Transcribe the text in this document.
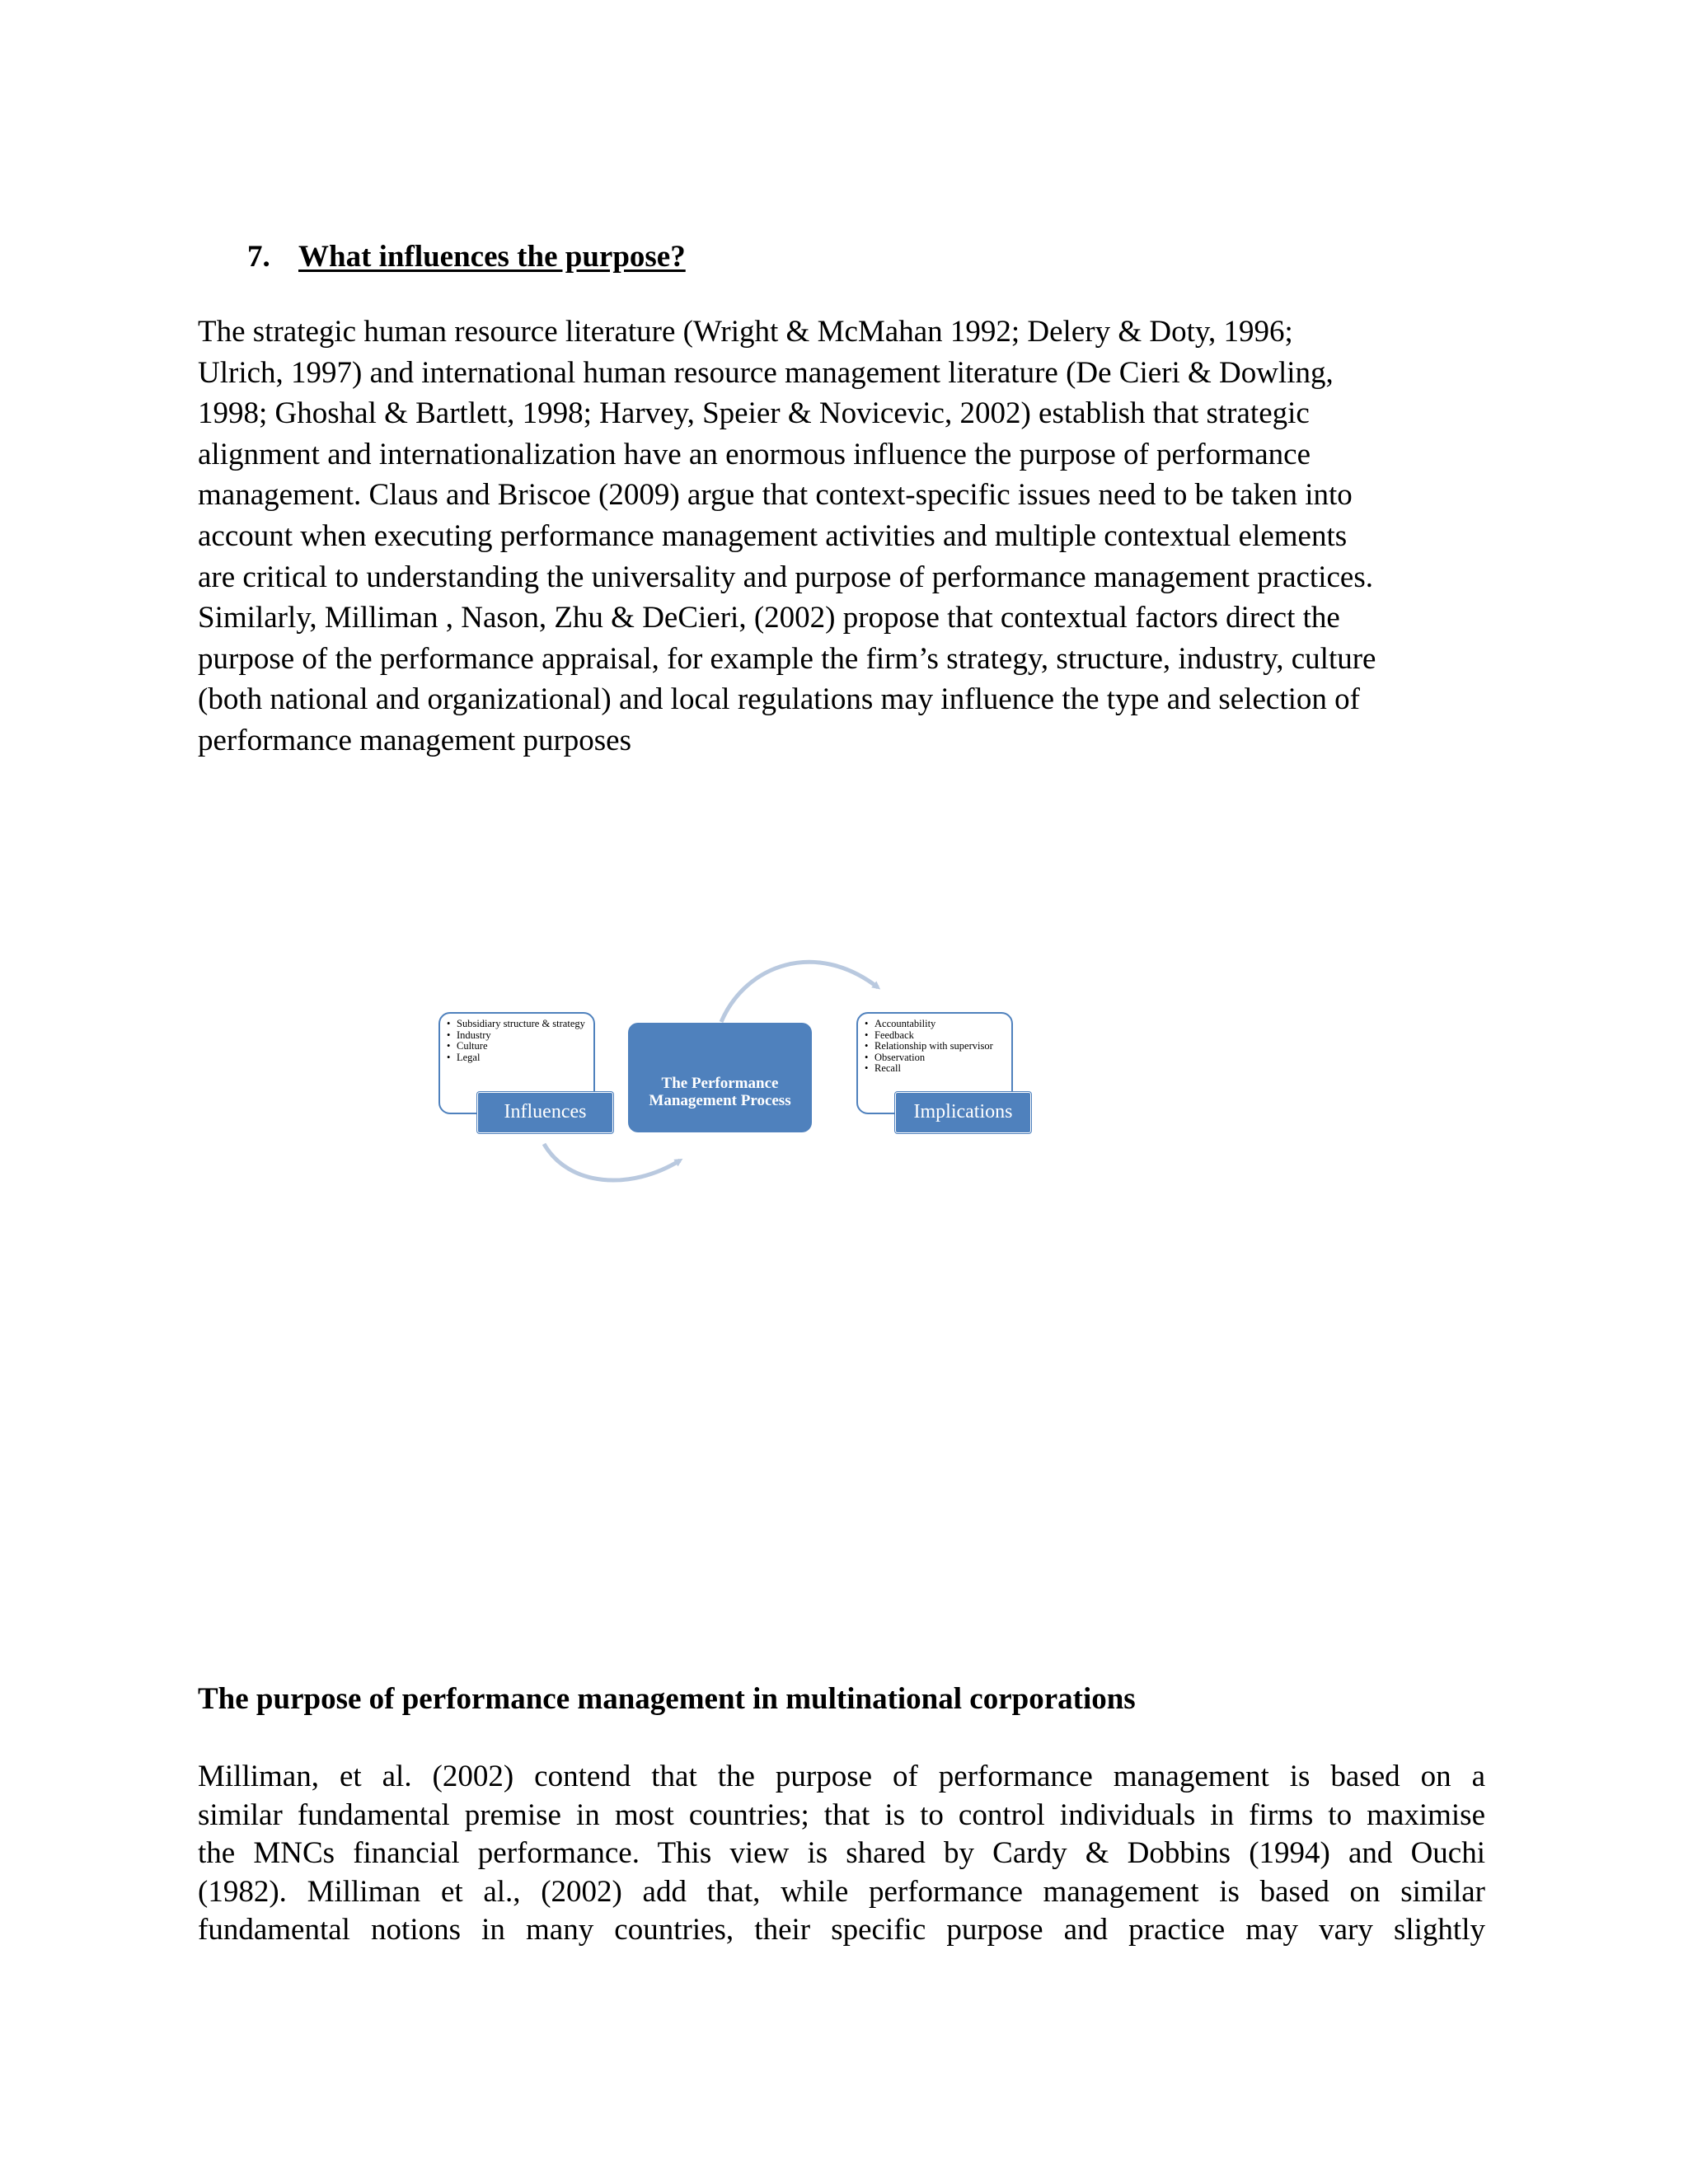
7. What influences the purpose?
The strategic human resource literature (Wright & McMahan 1992; Delery & Doty, 1996;
Ulrich, 1997) and international human resource management literature (De Cieri & Dowling,
1998; Ghoshal & Bartlett, 1998; Harvey, Speier & Novicevic, 2002) establish that strategic
alignment and internationalization have an enormous influence the purpose of performance
management. Claus and Briscoe (2009) argue that context-specific issues need to be taken into
account when executing performance management activities and multiple contextual elements
are critical to understanding the universality and purpose of performance management practices.
Similarly, Milliman , Nason, Zhu & DeCieri, (2002) propose that contextual factors direct the
purpose of the performance appraisal, for example the firm’s strategy, structure, industry, culture
(both national and organizational) and local regulations may influence the type and selection of
performance management purposes
• Subsidiary structure & strategy
• Industry
• Culture
• Legal
Influences
The Performance
Management Process
• Accountability
• Feedback
• Relationship with supervisor
• Observation
• Recall
Implications
The purpose of performance management in multinational corporations
Milliman, et al. (2002) contend that the purpose of performance management is based on a
similar fundamental premise in most countries; that is to control individuals in firms to maximise
the MNCs financial performance. This view is shared by Cardy & Dobbins (1994) and Ouchi
(1982). Milliman et al., (2002) add that, while performance management is based on similar
fundamental notions in many countries, their specific purpose and practice may vary slightly
